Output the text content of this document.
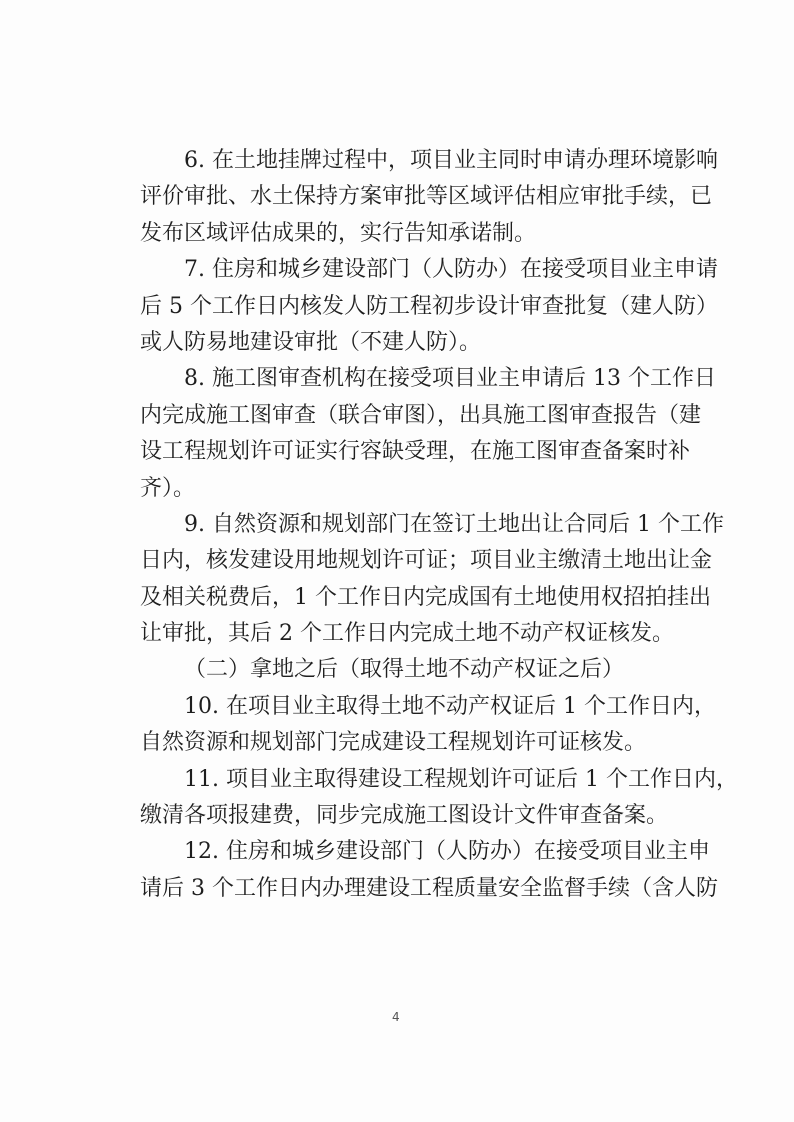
6. 在土地挂牌过程中，项目业主同时申请办理环境影响
评价审批、水土保持方案审批等区域评估相应审批手续，已
发布区域评估成果的，实行告知承诺制。
7. 住房和城乡建设部门（人防办）在接受项目业主申请
后 5 个工作日内核发人防工程初步设计审查批复（建人防）
或人防易地建设审批（不建人防）。
8. 施工图审查机构在接受项目业主申请后 13 个工作日
内完成施工图审查（联合审图），出具施工图审查报告（建
设工程规划许可证实行容缺受理，在施工图审查备案时补
齐）。
9. 自然资源和规划部门在签订土地出让合同后 1 个工作
日内，核发建设用地规划许可证；项目业主缴清土地出让金
及相关税费后，1 个工作日内完成国有土地使用权招拍挂出
让审批，其后 2 个工作日内完成土地不动产权证核发。
（二）拿地之后（取得土地不动产权证之后）
10. 在项目业主取得土地不动产权证后 1 个工作日内，
自然资源和规划部门完成建设工程规划许可证核发。
11. 项目业主取得建设工程规划许可证后 1 个工作日内，
缴清各项报建费，同步完成施工图设计文件审查备案。
12. 住房和城乡建设部门（人防办）在接受项目业主申
请后 3 个工作日内办理建设工程质量安全监督手续（含人防
4
